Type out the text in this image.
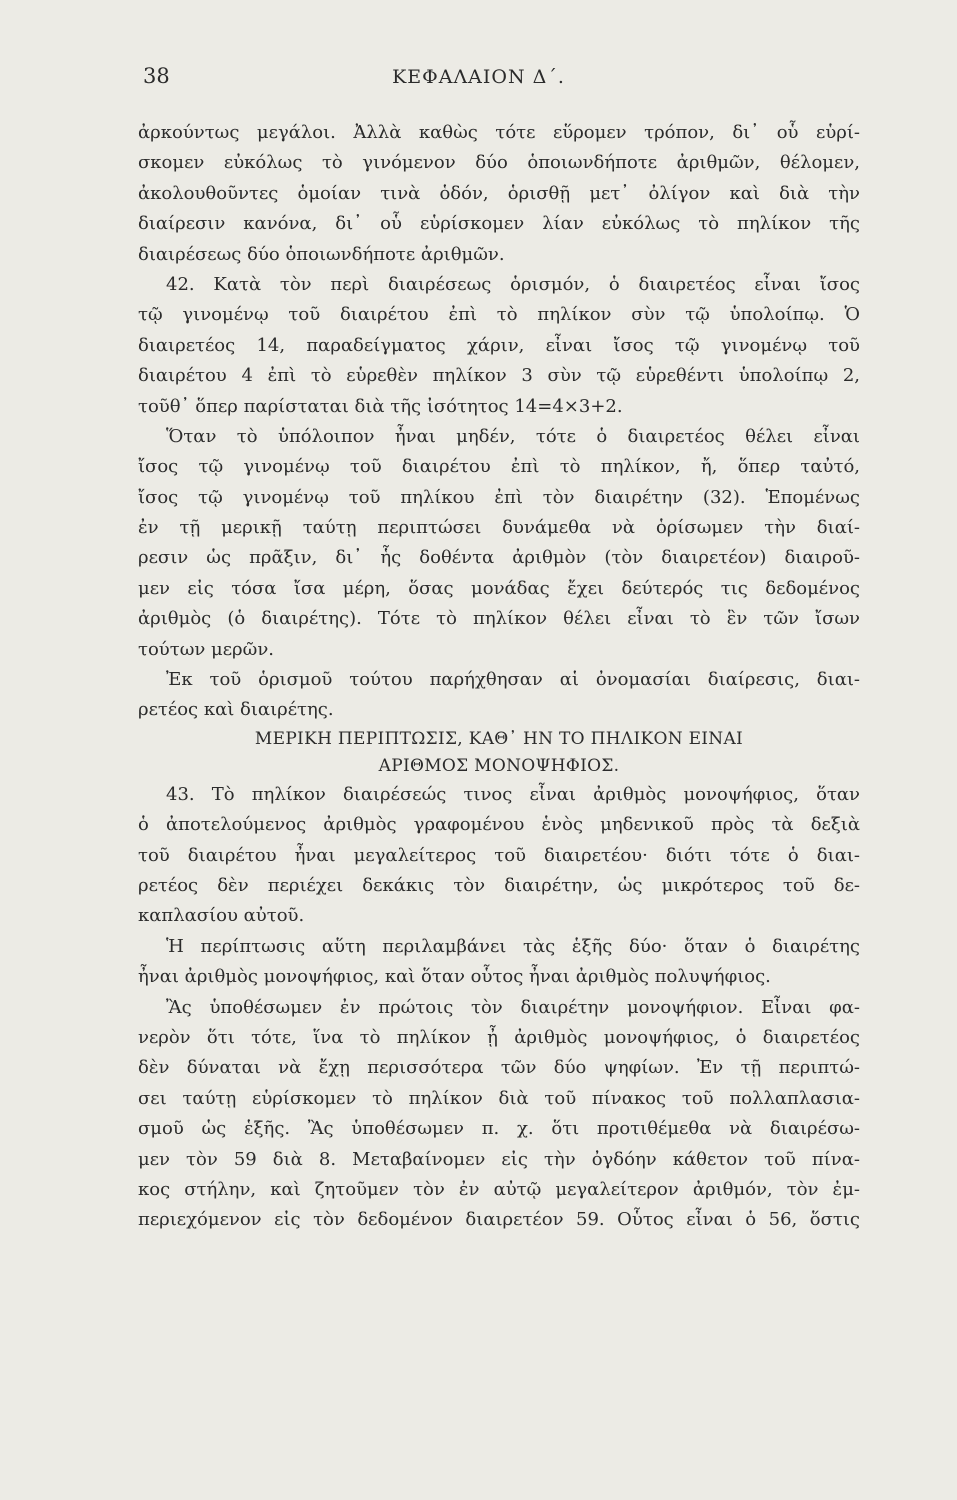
38	ΚΕΦΑΛΑΙΟΝ Δ΄.
ἀρκούντως μεγάλοι. Ἀλλὰ καθὼς τότε εὕρομεν τρόπον, δι᾽ οὗ εὑρί-
σκομεν εὐκόλως τὸ γινόμενον δύο ὁποιωνδήποτε ἀριθμῶν, θέλομεν,
ἀκολουθοῦντες ὁμοίαν τινὰ ὁδόν, ὁρισθῇ μετ᾽ ὀλίγον καὶ διὰ τὴν
διαίρεσιν κανόνα, δι᾽ οὗ εὑρίσκομεν λίαν εὐκόλως τὸ πηλίκον τῆς
διαιρέσεως δύο ὁποιωνδήποτε ἀριθμῶν.
42. Κατὰ τὸν περὶ διαιρέσεως ὁρισμόν, ὁ διαιρετέος εἶναι ἴσος
τῷ γινομένῳ τοῦ διαιρέτου ἐπὶ τὸ πηλίκον σὺν τῷ ὑπολοίπῳ. Ὁ
διαιρετέος 14, παραδείγματος χάριν, εἶναι ἴσος τῷ γινομένῳ τοῦ
διαιρέτου 4 ἐπὶ τὸ εὑρεθὲν πηλίκον 3 σὺν τῷ εὑρεθέντι ὑπολοίπῳ 2,
τοῦθ᾽ ὅπερ παρίσταται διὰ τῆς ἰσότητος 14=4×3+2.
Ὅταν τὸ ὑπόλοιπον ἦναι μηδέν, τότε ὁ διαιρετέος θέλει εἶναι
ἴσος τῷ γινομένῳ τοῦ διαιρέτου ἐπὶ τὸ πηλίκον, ἤ, ὅπερ ταὐτό,
ἴσος τῷ γινομένῳ τοῦ πηλίκου ἐπὶ τὸν διαιρέτην (32). Ἑπομένως
ἐν τῇ μερικῇ ταύτῃ περιπτώσει δυνάμεθα νὰ ὁρίσωμεν τὴν διαί-
ρεσιν ὡς πρᾶξιν, δι᾽ ἧς δοθέντα ἀριθμὸν (τὸν διαιρετέον) διαιροῦ-
μεν εἰς τόσα ἴσα μέρη, ὅσας μονάδας ἔχει δεύτερός τις δεδομένος
ἀριθμὸς (ὁ διαιρέτης). Τότε τὸ πηλίκον θέλει εἶναι τὸ ἓν τῶν ἴσων
τούτων μερῶν.
Ἐκ τοῦ ὁρισμοῦ τούτου παρήχθησαν αἱ ὀνομασίαι διαίρεσις, διαι-
ρετέος καὶ διαιρέτης.
ΜΕΡΙΚΗ ΠΕΡΙΠΤΩΣΙΣ, ΚΑΘ᾽ ΗΝ ΤΟ ΠΗΛΙΚΟΝ ΕΙΝΑΙ
ΑΡΙΘΜΟΣ ΜΟΝΟΨΗΦΙΟΣ.
43. Τὸ πηλίκον διαιρέσεώς τινος εἶναι ἀριθμὸς μονοψήφιος, ὅταν
ὁ ἀποτελούμενος ἀριθμὸς γραφομένου ἑνὸς μηδενικοῦ πρὸς τὰ δεξιὰ
τοῦ διαιρέτου ἦναι μεγαλείτερος τοῦ διαιρετέου· διότι τότε ὁ διαι-
ρετέος δὲν περιέχει δεκάκις τὸν διαιρέτην, ὡς μικρότερος τοῦ δε-
καπλασίου αὐτοῦ.
Ἡ περίπτωσις αὕτη περιλαμβάνει τὰς ἑξῆς δύο· ὅταν ὁ διαιρέτης
ἦναι ἀριθμὸς μονοψήφιος, καὶ ὅταν οὗτος ἦναι ἀριθμὸς πολυψήφιος.
Ἂς ὑποθέσωμεν ἐν πρώτοις τὸν διαιρέτην μονοψήφιον. Εἶναι φα-
νερὸν ὅτι τότε, ἵνα τὸ πηλίκον ᾖ ἀριθμὸς μονοψήφιος, ὁ διαιρετέος
δὲν δύναται νὰ ἔχῃ περισσότερα τῶν δύο ψηφίων. Ἐν τῇ περιπτώ-
σει ταύτῃ εὑρίσκομεν τὸ πηλίκον διὰ τοῦ πίνακος τοῦ πολλαπλασια-
σμοῦ ὡς ἑξῆς. Ἂς ὑποθέσωμεν π. χ. ὅτι προτιθέμεθα νὰ διαιρέσω-
μεν τὸν 59 διὰ 8. Μεταβαίνομεν εἰς τὴν ὀγδόην κάθετον τοῦ πίνα-
κος στήλην, καὶ ζητοῦμεν τὸν ἐν αὐτῷ μεγαλείτερον ἀριθμόν, τὸν ἐμ-
περιεχόμενον εἰς τὸν δεδομένον διαιρετέον 59. Οὗτος εἶναι ὁ 56, ὅστις
